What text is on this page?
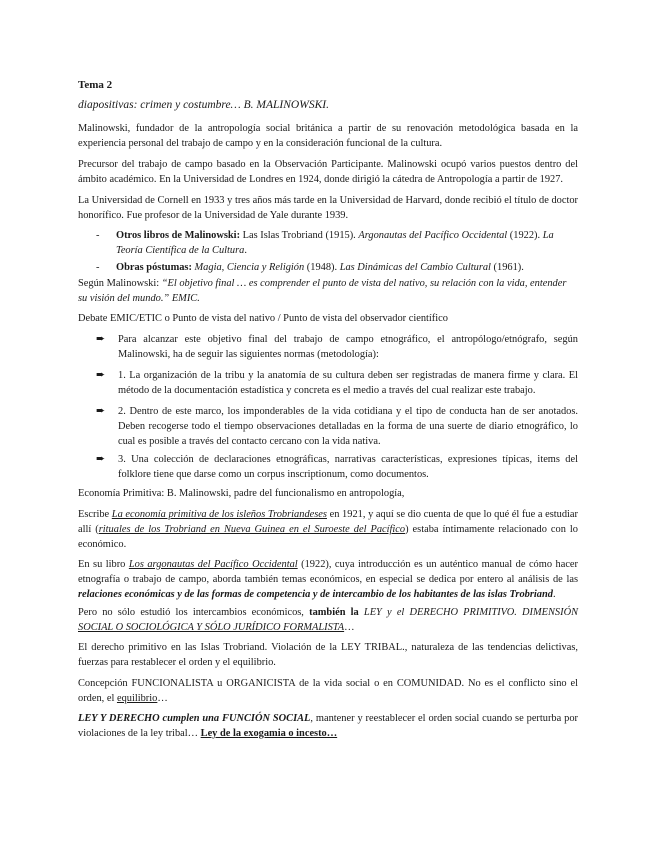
Tema 2
diapositivas: crimen y costumbre… B. MALINOWSKI.

Malinowski, fundador de la antropología social británica a partir de su renovación metodológica basada en la experiencia personal del trabajo de campo y en la consideración funcional de la cultura.

Precursor del trabajo de campo basado en la Observación Participante. Malinowski ocupó varios puestos dentro del ámbito académico. En la Universidad de Londres en 1924, donde dirigió la cátedra de Antropología a partir de 1927.

La Universidad de Cornell en 1933 y tres años más tarde en la Universidad de Harvard, donde recibió el título de doctor honorífico. Fue profesor de la Universidad de Yale durante 1939.

- Otros libros de Malinowski: Las Islas Trobriand (1915). Argonautas del Pacífico Occidental (1922). La Teoría Científica de la Cultura.
- Obras póstumas: Magia, Ciencia y Religión (1948). Las Dinámicas del Cambio Cultural (1961).

Según Malinowski: “El objetivo final … es comprender el punto de vista del nativo, su relación con la vida, entender su visión del mundo.” EMIC.

Debate EMIC/ETIC o Punto de vista del nativo / Punto de vista del observador científico

➨	Para alcanzar este objetivo final del trabajo de campo etnográfico, el antropólogo/etnógrafo, según Malinowski, ha de seguir las siguientes normas (metodología):
➨	1. La organización de la tribu y la anatomía de su cultura deben ser registradas de manera firme y clara. El método de la documentación estadística y concreta es el medio a través del cual realizar este trabajo.
➨	2. Dentro de este marco, los imponderables de la vida cotidiana y el tipo de conducta han de ser anotados. Deben recogerse todo el tiempo observaciones detalladas en la forma de una suerte de diario etnográfico, lo cual es posible a través del contacto cercano con la vida nativa.
➨	3. Una colección de declaraciones etnográficas, narrativas características, expresiones típicas, items del folklore tiene que darse como un corpus inscriptionum, como documentos.

Economía Primitiva: B. Malinowski, padre del funcionalismo en antropología,

Escribe La economía primitiva de los isleños Trobriandeses en 1921, y aquí se dio cuenta de que lo qué él fue a estudiar allí (rituales de los Trobriand en Nueva Guinea en el Suroeste del Pacífico) estaba íntimamente relacionado con lo económico.

En su libro Los argonautas del Pacífico Occidental (1922), cuya introducción es un auténtico manual de cómo hacer etnografía o trabajo de campo, aborda también temas económicos, en especial se dedica por entero al análisis de las relaciones económicas y de las formas de competencia y de intercambio de los habitantes de las islas Trobriand.

Pero no sólo estudió los intercambios económicos, también la LEY y el DERECHO PRIMITIVO. DIMENSIÓN SOCIAL O SOCIOLÓGICA Y SÓLO JURÍDICO FORMALISTA…

El derecho primitivo en las Islas Trobriand. Violación de la LEY TRIBAL., naturaleza de las tendencias delictivas, fuerzas para restablecer el orden y el equilibrio.

Concepción FUNCIONALISTA u ORGANICISTA de la vida social o en COMUNIDAD. No es el conflicto sino el orden, el equilibrio…

LEY Y DERECHO cumplen una FUNCIÓN SOCIAL, mantener y reestablecer el orden social cuando se perturba por violaciones de la ley tribal… Ley de la exogamia o incesto…
